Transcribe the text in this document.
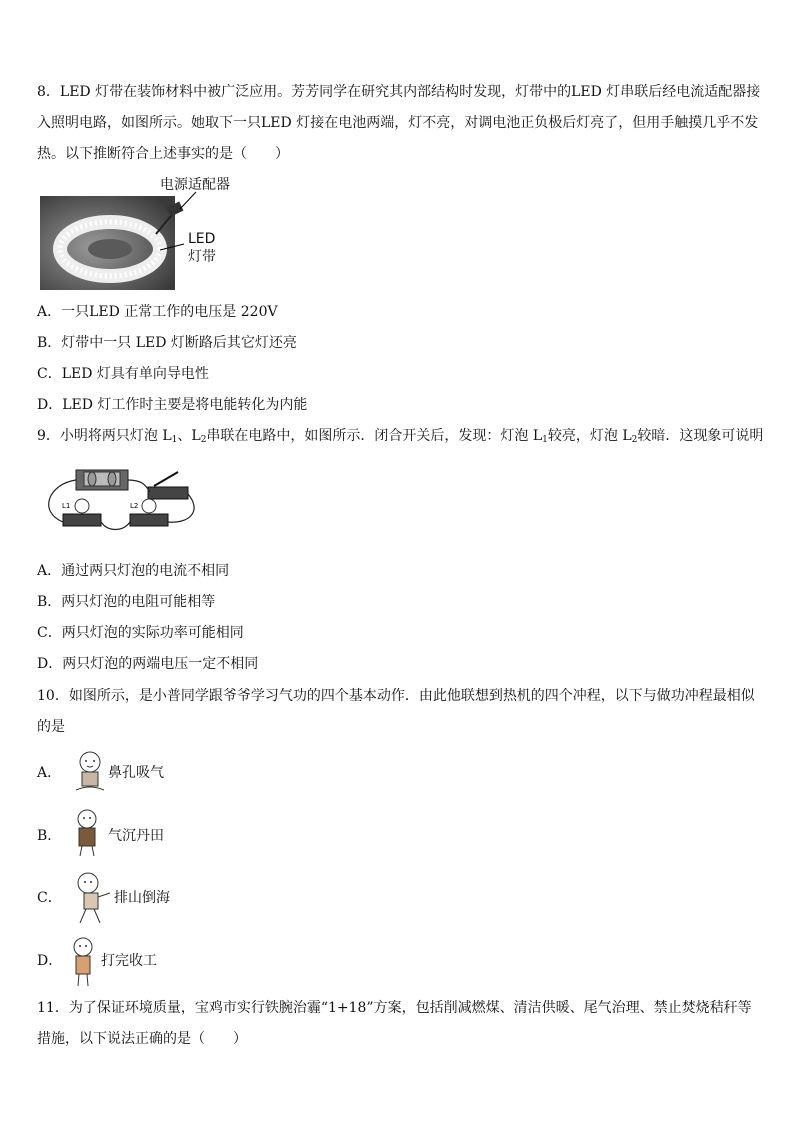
8．LED 灯带在装饰材料中被广泛应用。芳芳同学在研究其内部结构时发现，灯带中的LED 灯串联后经电流适配器接
入照明电路，如图所示。她取下一只LED 灯接在电池两端，灯不亮，对调电池正负极后灯亮了，但用手触摸几乎不发
热。以下推断符合上述事实的是（　　）
电源适配器
LED
灯带
A．一只LED 正常工作的电压是 220V
B．灯带中一只 LED 灯断路后其它灯还亮
C．LED 灯具有单向导电性
D．LED 灯工作时主要是将电能转化为内能
9．小明将两只灯泡 $L_1$、$L_2$串联在电路中，如图所示．闭合开关后，发现：灯泡 $L_1$较亮，灯泡 $L_2$较暗．这现象可说明
L1	L2
A．通过两只灯泡的电流不相同
B．两只灯泡的电阻可能相等
C．两只灯泡的实际功率可能相同
D．两只灯泡的两端电压一定不相同
10．如图所示，是小普同学跟爷爷学习气功的四个基本动作．由此他联想到热机的四个冲程，以下与做功冲程最相似
的是
A．	鼻孔吸气
B．	气沉丹田
C．	排山倒海
D．	打完收工
11．为了保证环境质量，宝鸡市实行铁腕治霾“1+18”方案，包括削减燃煤、清洁供暖、尾气治理、禁止焚烧秸秆等
措施，以下说法正确的是（　　）
